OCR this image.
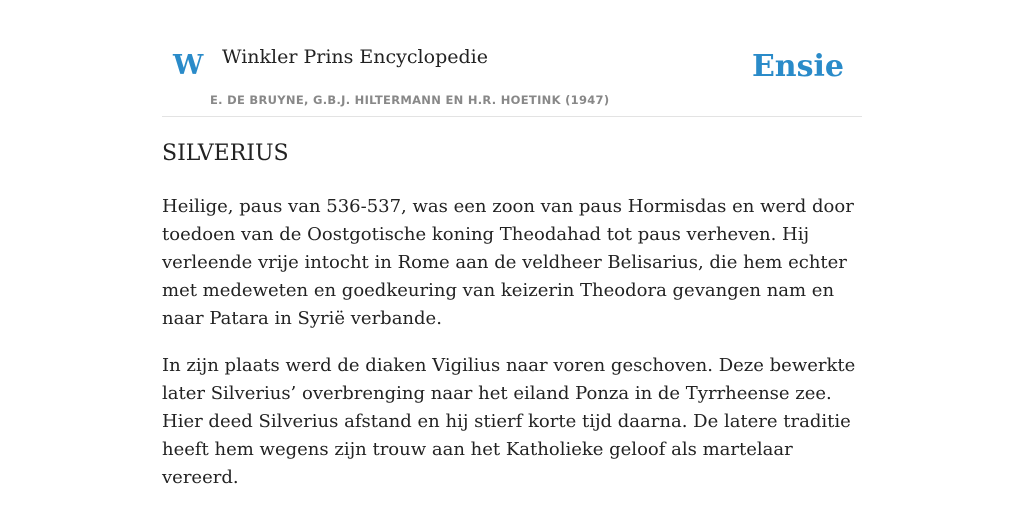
W Winkler Prins Encyclopedie
E. DE BRUYNE, G.B.J. HILTERMANN EN H.R. HOETINK (1947)
Ensie
SILVERIUS

Heilige, paus van 536-537, was een zoon van paus Hormisdas en werd door toedoen van de Oostgotische koning Theodahad tot paus verheven. Hij verleende vrije intocht in Rome aan de veldheer Belisarius, die hem echter met medeweten en goedkeuring van keizerin Theodora gevangen nam en naar Patara in Syrië verbande.

In zijn plaats werd de diaken Vigilius naar voren geschoven. Deze bewerkte later Silverius’ overbrenging naar het eiland Ponza in de Tyrrheense zee. Hier deed Silverius afstand en hij stierf korte tijd daarna. De latere traditie heeft hem wegens zijn trouw aan het Katholieke geloof als martelaar vereerd.
